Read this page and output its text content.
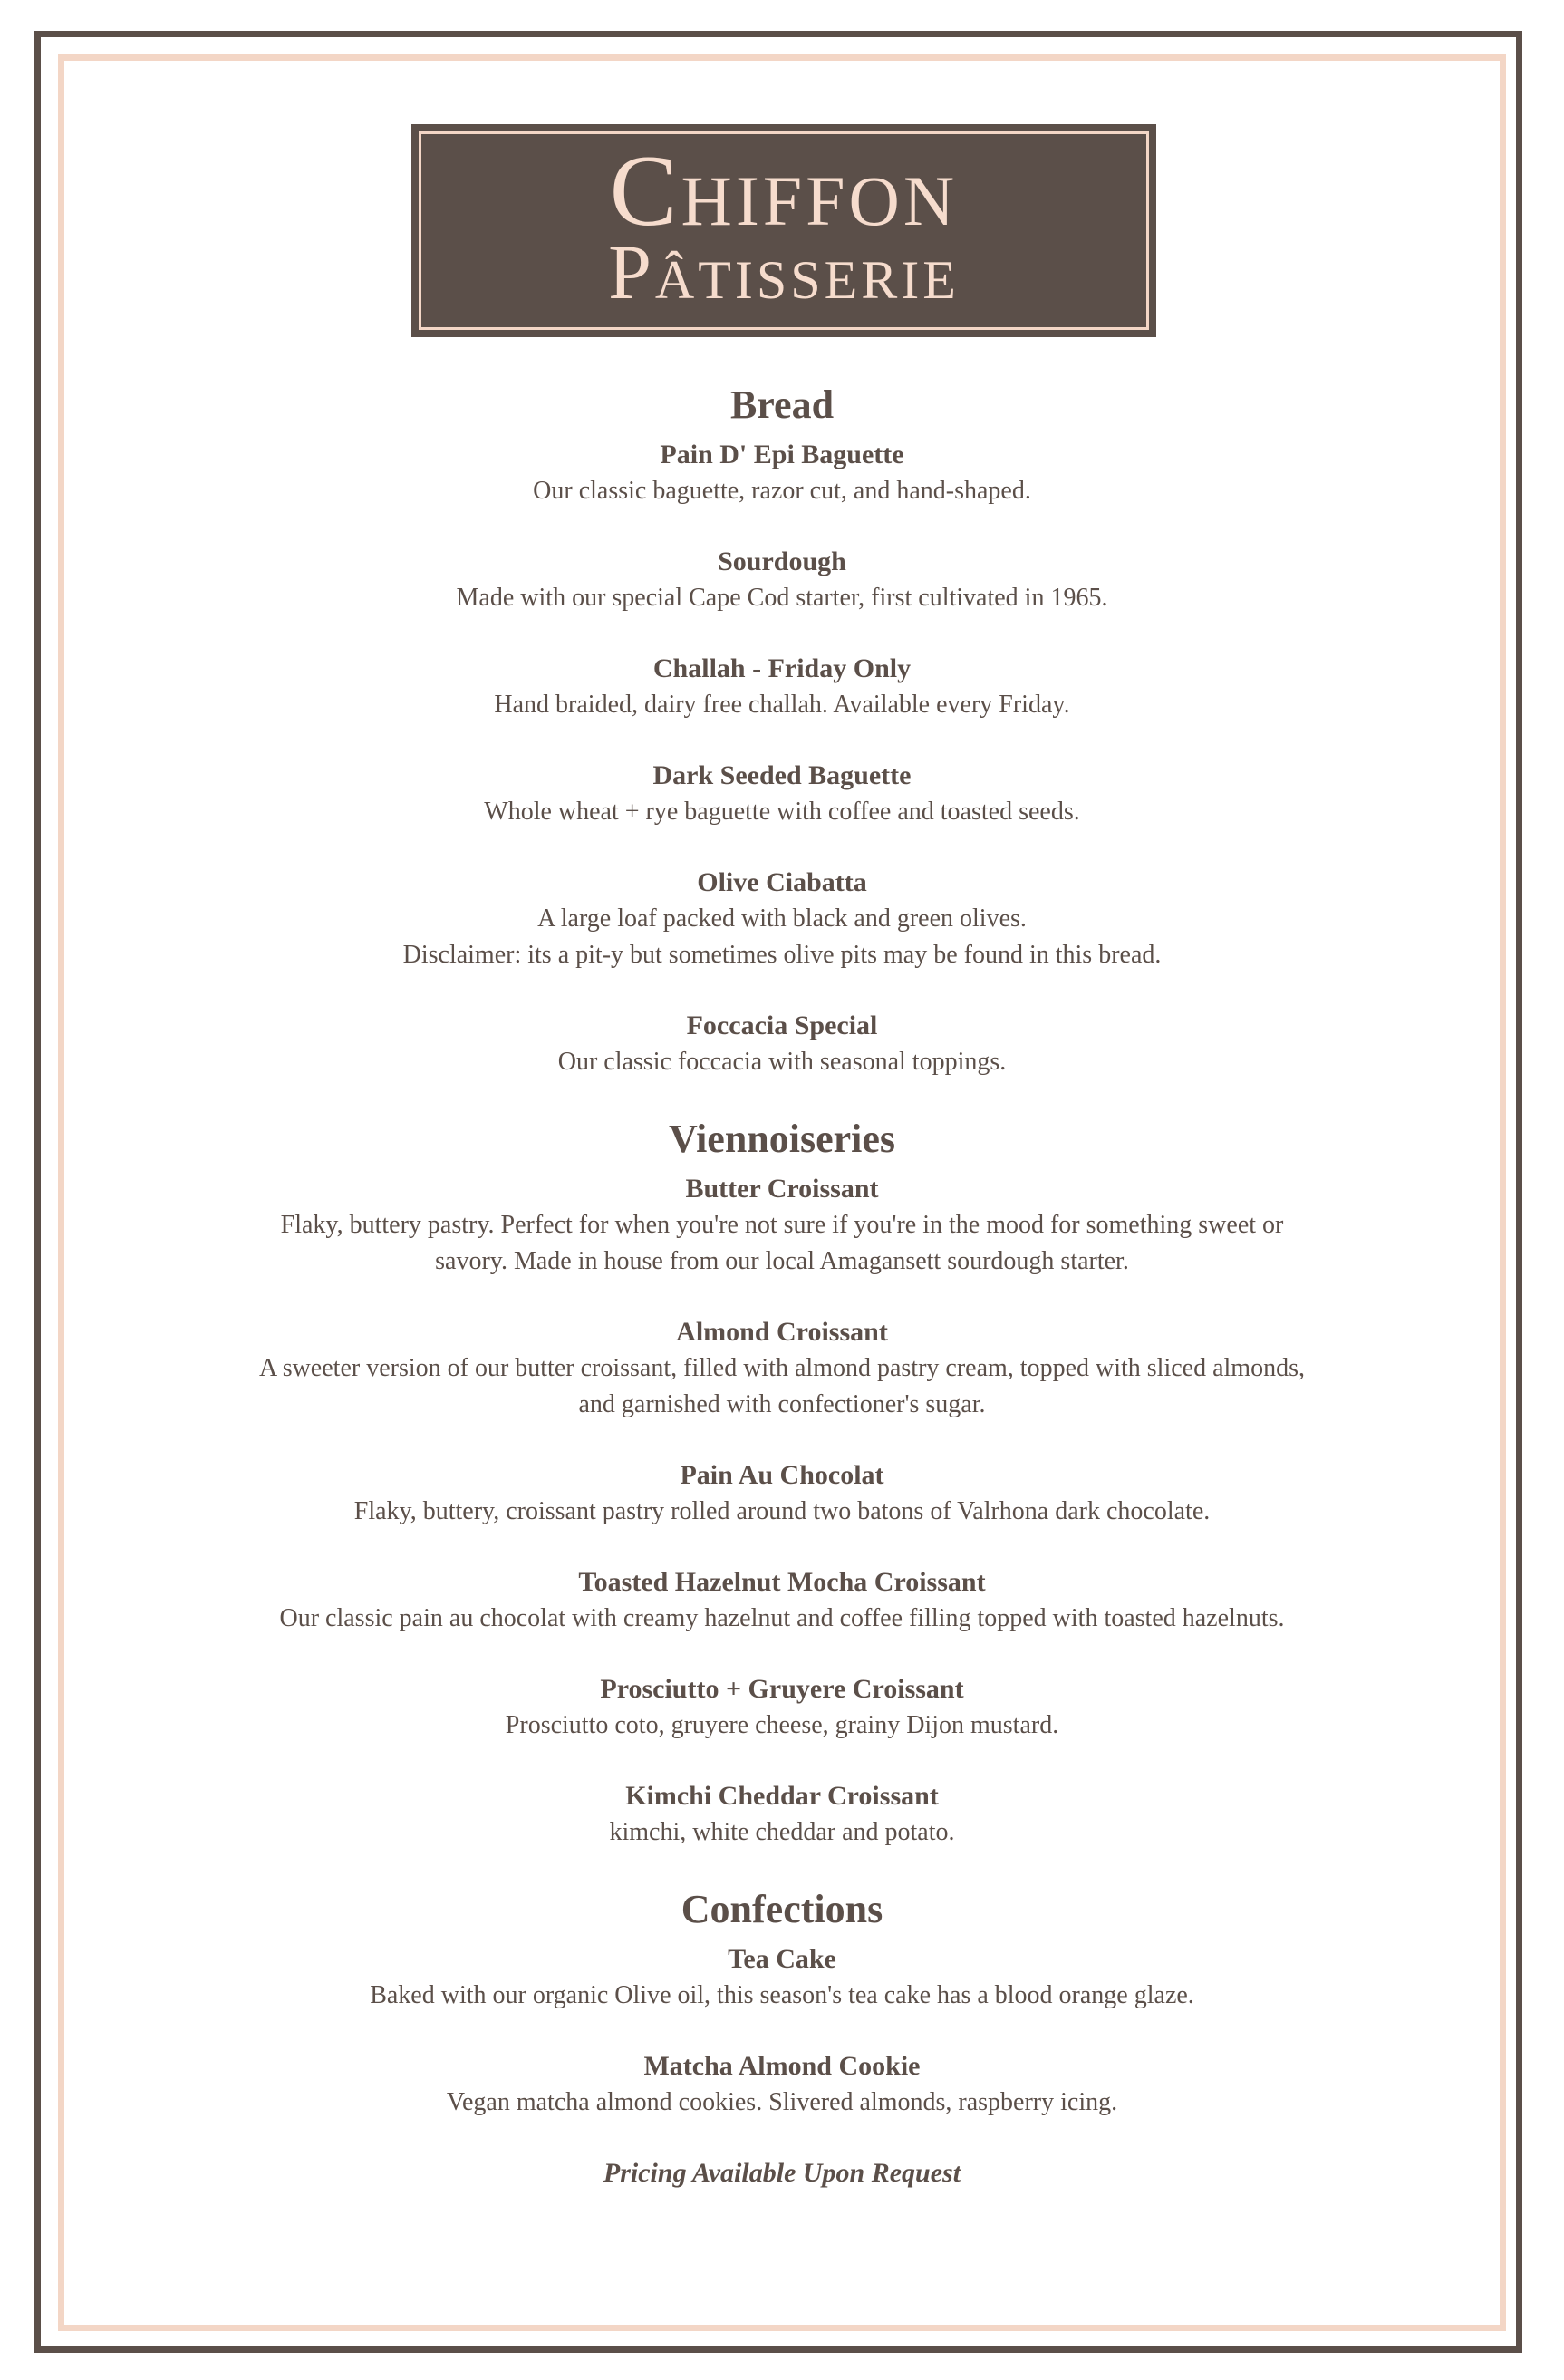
Chiffon
Pâtisserie
Bread
Pain D' Epi Baguette
Our classic baguette, razor cut, and hand-shaped.
Sourdough
Made with our special Cape Cod starter, first cultivated in 1965.
Challah - Friday Only
Hand braided, dairy free challah. Available every Friday.
Dark Seeded Baguette
Whole wheat + rye baguette with coffee and toasted seeds.
Olive Ciabatta
A large loaf packed with black and green olives.
Disclaimer: its a pit-y but sometimes olive pits may be found in this bread.
Foccacia Special
Our classic foccacia with seasonal toppings.
Viennoiseries
Butter Croissant
Flaky, buttery pastry. Perfect for when you're not sure if you're in the mood for something sweet or
savory. Made in house from our local Amagansett sourdough starter.
Almond Croissant
A sweeter version of our butter croissant, filled with almond pastry cream, topped with sliced almonds,
and garnished with confectioner's sugar.
Pain Au Chocolat
Flaky, buttery, croissant pastry rolled around two batons of Valrhona dark chocolate.
Toasted Hazelnut Mocha Croissant
Our classic pain au chocolat with creamy hazelnut and coffee filling topped with toasted hazelnuts.
Prosciutto + Gruyere Croissant
Prosciutto coto, gruyere cheese, grainy Dijon mustard.
Kimchi Cheddar Croissant
kimchi, white cheddar and potato.
Confections
Tea Cake
Baked with our organic Olive oil, this season's tea cake has a blood orange glaze.
Matcha Almond Cookie
Vegan matcha almond cookies. Slivered almonds, raspberry icing.
Pricing Available Upon Request
